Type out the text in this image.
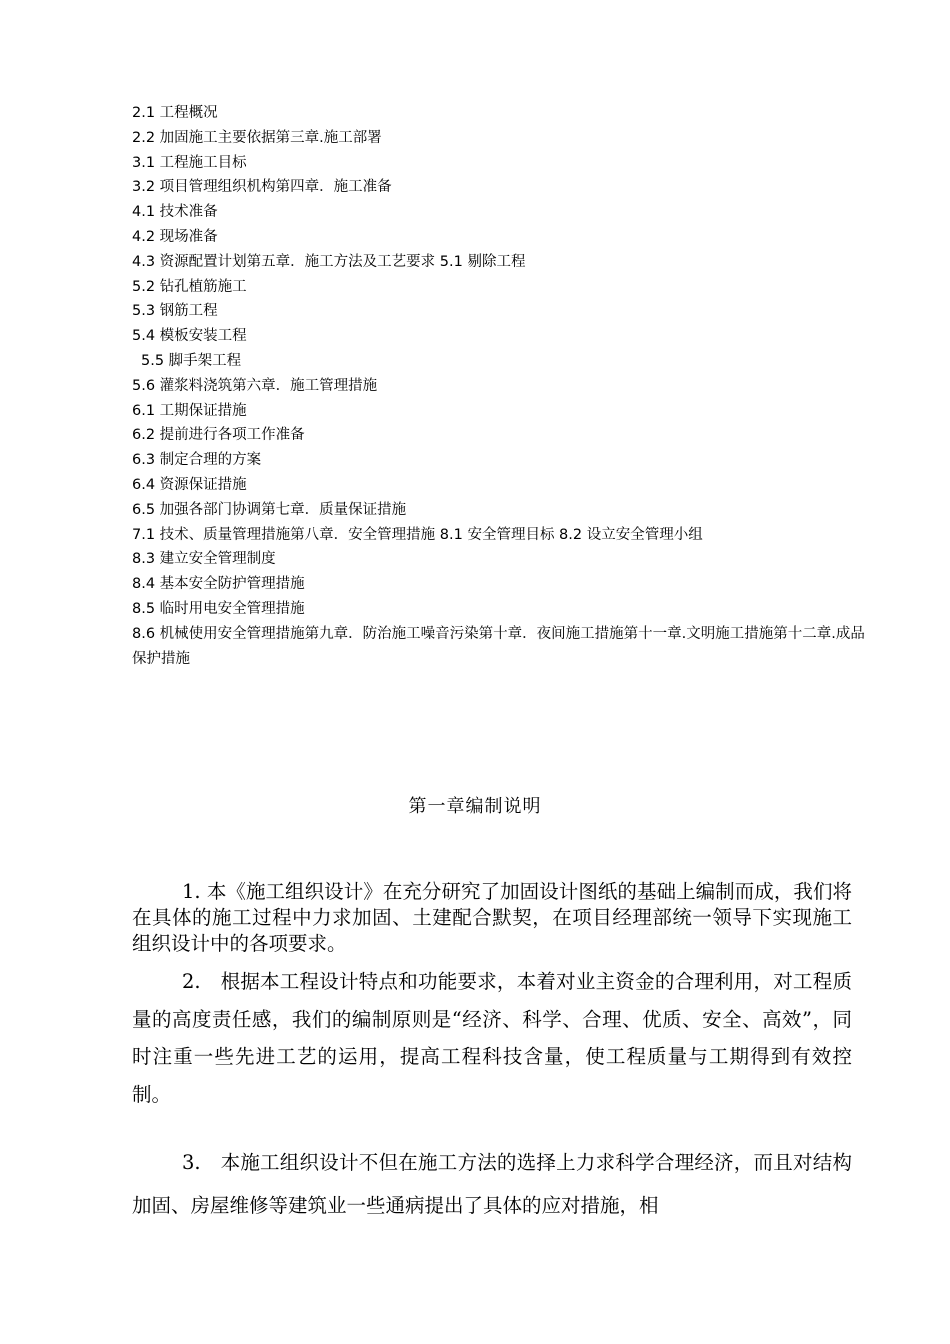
2.1 工程概况
2.2 加固施工主要依据第三章.施工部署
3.1 工程施工目标
3.2 项目管理组织机构第四章．施工准备
4.1 技术准备
4.2 现场准备
4.3 资源配置计划第五章．施工方法及工艺要求 5.1 剔除工程
5.2 钻孔植筋施工
5.3 钢筋工程
5.4 模板安装工程
5.5 脚手架工程
5.6 灌浆料浇筑第六章．施工管理措施
6.1 工期保证措施
6.2 提前进行各项工作准备
6.3 制定合理的方案
6.4 资源保证措施
6.5 加强各部门协调第七章．质量保证措施
7.1 技术、质量管理措施第八章．安全管理措施 8.1 安全管理目标 8.2 设立安全管理小组
8.3 建立安全管理制度
8.4 基本安全防护管理措施
8.5 临时用电安全管理措施
8.6 机械使用安全管理措施第九章．防治施工噪音污染第十章．夜间施工措施第十一章.文明施工措施第十二章.成品保护措施
第一章编制说明

1. 本《施工组织设计》在充分研究了加固设计图纸的基础上编制而成，我们将在具体的施工过程中力求加固、土建配合默契，在项目经理部统一领导下实现施工组织设计中的各项要求。

2.　根据本工程设计特点和功能要求，本着对业主资金的合理利用，对工程质量的高度责任感，我们的编制原则是“经济、科学、合理、优质、安全、高效”，同时注重一些先进工艺的运用，提高工程科技含量，使工程质量与工期得到有效控制。

3.　本施工组织设计不但在施工方法的选择上力求科学合理经济，而且对结构加固、房屋维修等建筑业一些通病提出了具体的应对措施，相
